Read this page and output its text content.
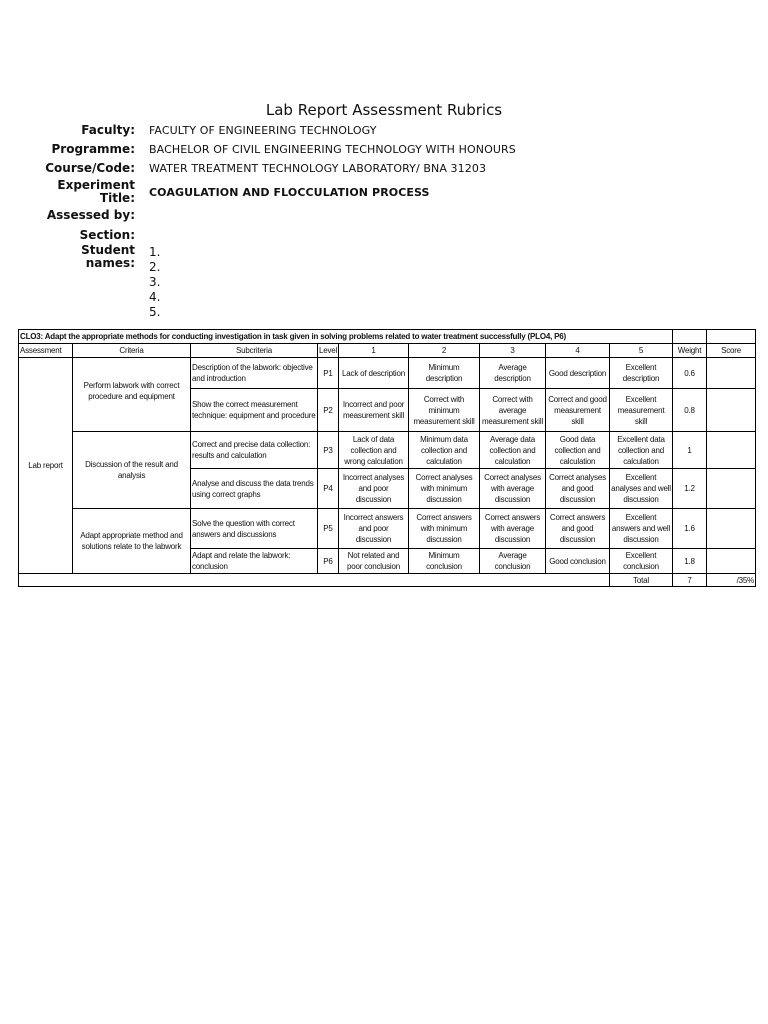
Lab Report Assessment Rubrics
Faculty: FACULTY OF ENGINEERING TECHNOLOGY
Programme: BACHELOR OF CIVIL ENGINEERING TECHNOLOGY WITH HONOURS
Course/Code: WATER TREATMENT TECHNOLOGY LABORATORY/ BNA 31203
Experiment
Title: COAGULATION AND FLOCCULATION PROCESS
Assessed by:
Section:
Student
names:
1.
2.
3.
4.
5.
CLO3: Adapt the appropriate methods for conducting investigation in task given in solving problems related to water treatment successfully (PLO4, P6)										
Assessment	Criteria	Subcriteria	Level	1	2	3	4	5	Weight	Score
Lab report	Perform labwork with correct procedure and equipment	Description of the labwork: objective and introduction	P1	Lack of description	Minimum description	Average description	Good description	Excellent description	0.6	
		Show the correct measurement technique: equipment and procedure	P2	Incorrect and poor measurement skill	Correct with minimum measurement skill	Correct with average measurement skill	Correct and good measurement skill	Excellent measurement skill	0.8	
	Discussion of the result and analysis	Correct and precise data collection: results and calculation	P3	Lack of data collection and wrong calculation	Minimum data collection and calculation	Average data collection and calculation	Good data collection and calculation	Excellent data collection and calculation	1	
		Analyse and discuss the data trends using correct graphs	P4	Incorrect analyses and poor discussion	Correct analyses with minimum discussion	Correct analyses with average discussion	Correct analyses and good discussion	Excellent analyses and well discussion	1.2	
	Adapt appropriate method and solutions relate to the labwork	Solve the question with correct answers and discussions	P5	Incorrect answers and poor discussion	Correct answers with minimum discussion	Correct answers with average discussion	Correct answers and good discussion	Excellent answers and well discussion	1.6	
		Adapt and relate the labwork: conclusion	P6	Not related and poor conclusion	Minimum conclusion	Average conclusion	Good conclusion	Excellent conclusion	1.8	
								Total	7	/35%
